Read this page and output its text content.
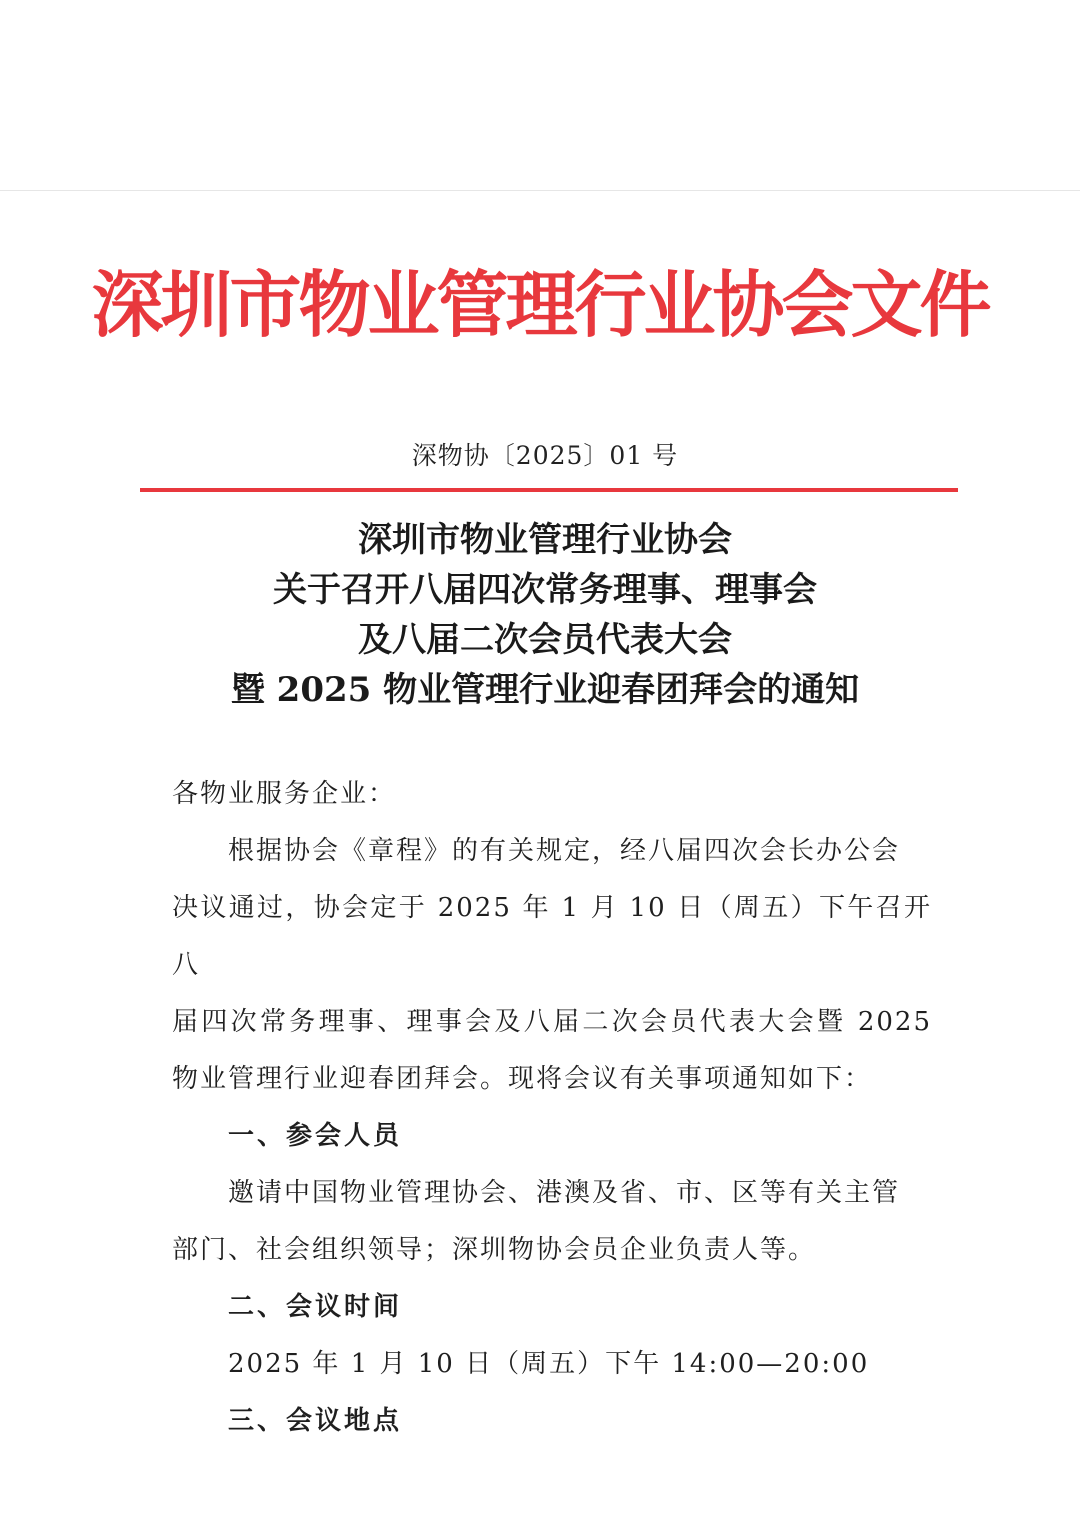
深圳市物业管理行业协会文件
深物协〔2025〕01 号
深圳市物业管理行业协会
关于召开八届四次常务理事、理事会
及八届二次会员代表大会
暨 2025 物业管理行业迎春团拜会的通知
各物业服务企业：
根据协会《章程》的有关规定，经八届四次会长办公会
决议通过，协会定于 2025 年 1 月 10 日（周五）下午召开八
届四次常务理事、理事会及八届二次会员代表大会暨 2025
物业管理行业迎春团拜会。现将会议有关事项通知如下：
一、参会人员
邀请中国物业管理协会、港澳及省、市、区等有关主管
部门、社会组织领导；深圳物协会员企业负责人等。
二、会议时间
2025 年 1 月 10 日（周五）下午 14:00—20:00
三、会议地点
